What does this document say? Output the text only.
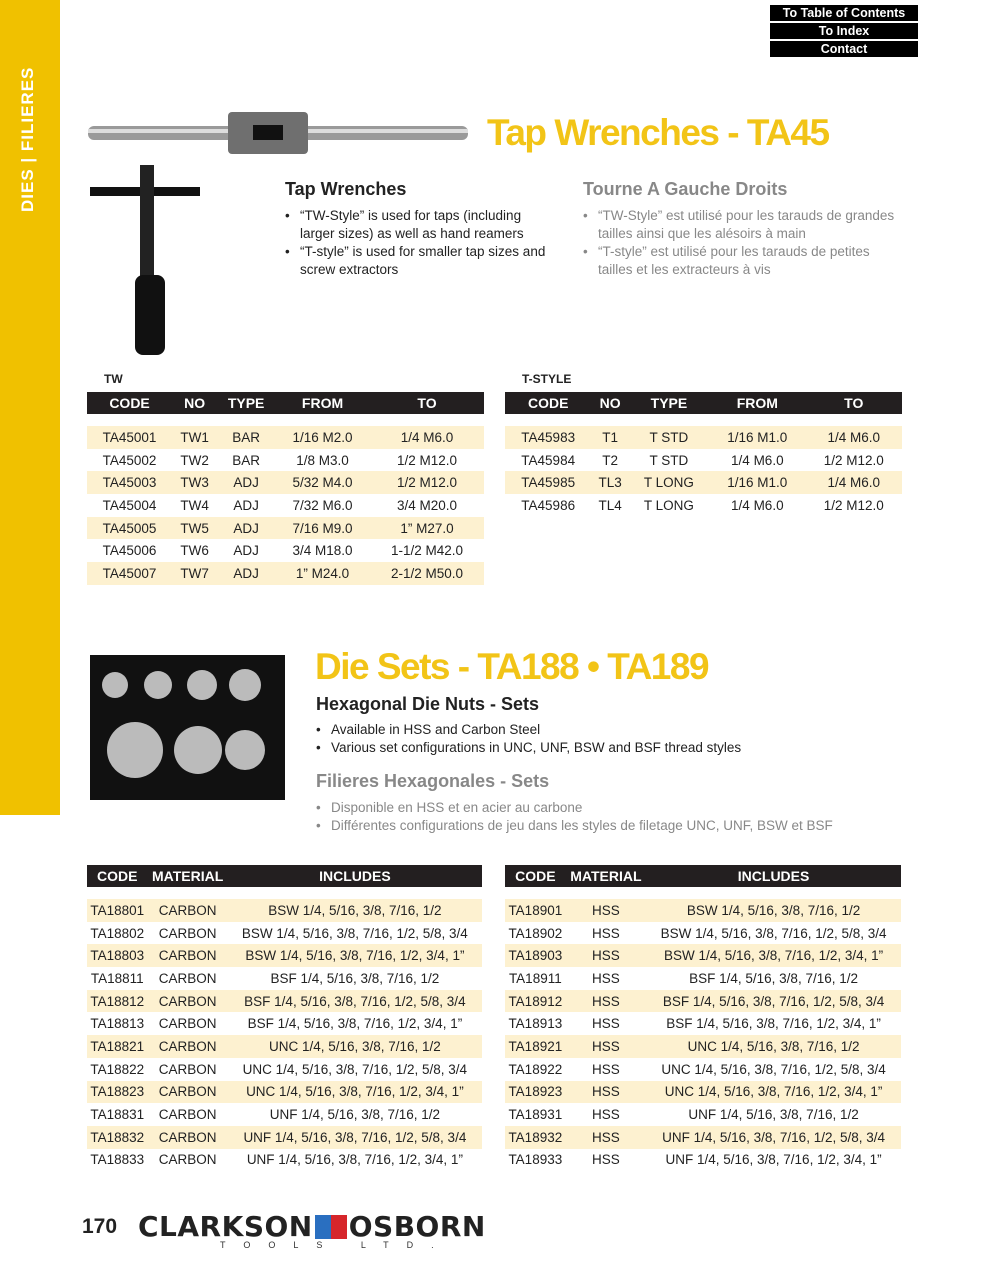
DIES | FILIERES
To Table of Contents
To Index
Contact
Tap Wrenches - TA45
Tap Wrenches
• “TW-Style” is used for taps (including larger sizes) as well as hand reamers
• “T-style” is used for smaller tap sizes and screw extractors
Tourne A Gauche Droits
• “TW-Style” est utilisé pour les tarauds de grandes tailles ainsi que les alésoirs à main
• “T-style” est utilisé pour les tarauds de petites tailles et les extracteurs à vis
TW
CODE	NO	TYPE	FROM	TO

TA45001	TW1	BAR	1/16 M2.0	1/4 M6.0
TA45002	TW2	BAR	1/8 M3.0	1/2 M12.0
TA45003	TW3	ADJ	5/32 M4.0	1/2 M12.0
TA45004	TW4	ADJ	7/32 M6.0	3/4 M20.0
TA45005	TW5	ADJ	7/16 M9.0	1” M27.0
TA45006	TW6	ADJ	3/4 M18.0	1-1/2 M42.0
TA45007	TW7	ADJ	1” M24.0	2-1/2 M50.0
T-STYLE
CODE	NO	TYPE	FROM	TO

TA45983	T1	T STD	1/16 M1.0	1/4 M6.0
TA45984	T2	T STD	1/4 M6.0	1/2 M12.0
TA45985	TL3	T LONG	1/16 M1.0	1/4 M6.0
TA45986	TL4	T LONG	1/4 M6.0	1/2 M12.0
Die Sets - TA188 • TA189
Hexagonal Die Nuts - Sets
• Available in HSS and Carbon Steel
• Various set configurations in UNC, UNF, BSW and BSF thread styles
Filieres Hexagonales - Sets
• Disponible en HSS et en acier au carbone
• Différentes configurations de jeu dans les styles de filetage UNC, UNF, BSW et BSF
CODE	MATERIAL	INCLUDES

TA18801	CARBON	BSW 1/4, 5/16, 3/8, 7/16, 1/2
TA18802	CARBON	BSW 1/4, 5/16, 3/8, 7/16, 1/2, 5/8, 3/4
TA18803	CARBON	BSW 1/4, 5/16, 3/8, 7/16, 1/2, 3/4, 1”
TA18811	CARBON	BSF 1/4, 5/16, 3/8, 7/16, 1/2
TA18812	CARBON	BSF 1/4, 5/16, 3/8, 7/16, 1/2, 5/8, 3/4
TA18813	CARBON	BSF 1/4, 5/16, 3/8, 7/16, 1/2, 3/4, 1”
TA18821	CARBON	UNC 1/4, 5/16, 3/8, 7/16, 1/2
TA18822	CARBON	UNC 1/4, 5/16, 3/8, 7/16, 1/2, 5/8, 3/4
TA18823	CARBON	UNC 1/4, 5/16, 3/8, 7/16, 1/2, 3/4, 1”
TA18831	CARBON	UNF 1/4, 5/16, 3/8, 7/16, 1/2
TA18832	CARBON	UNF 1/4, 5/16, 3/8, 7/16, 1/2, 5/8, 3/4
TA18833	CARBON	UNF 1/4, 5/16, 3/8, 7/16, 1/2, 3/4, 1”
CODE	MATERIAL	INCLUDES

TA18901	HSS	BSW 1/4, 5/16, 3/8, 7/16, 1/2
TA18902	HSS	BSW 1/4, 5/16, 3/8, 7/16, 1/2, 5/8, 3/4
TA18903	HSS	BSW 1/4, 5/16, 3/8, 7/16, 1/2, 3/4, 1”
TA18911	HSS	BSF 1/4, 5/16, 3/8, 7/16, 1/2
TA18912	HSS	BSF 1/4, 5/16, 3/8, 7/16, 1/2, 5/8, 3/4
TA18913	HSS	BSF 1/4, 5/16, 3/8, 7/16, 1/2, 3/4, 1”
TA18921	HSS	UNC 1/4, 5/16, 3/8, 7/16, 1/2
TA18922	HSS	UNC 1/4, 5/16, 3/8, 7/16, 1/2, 5/8, 3/4
TA18923	HSS	UNC 1/4, 5/16, 3/8, 7/16, 1/2, 3/4, 1”
TA18931	HSS	UNF 1/4, 5/16, 3/8, 7/16, 1/2
TA18932	HSS	UNF 1/4, 5/16, 3/8, 7/16, 1/2, 5/8, 3/4
TA18933	HSS	UNF 1/4, 5/16, 3/8, 7/16, 1/2, 3/4, 1”
170 CLARKSON OSBORN
TOOLS LTD.
